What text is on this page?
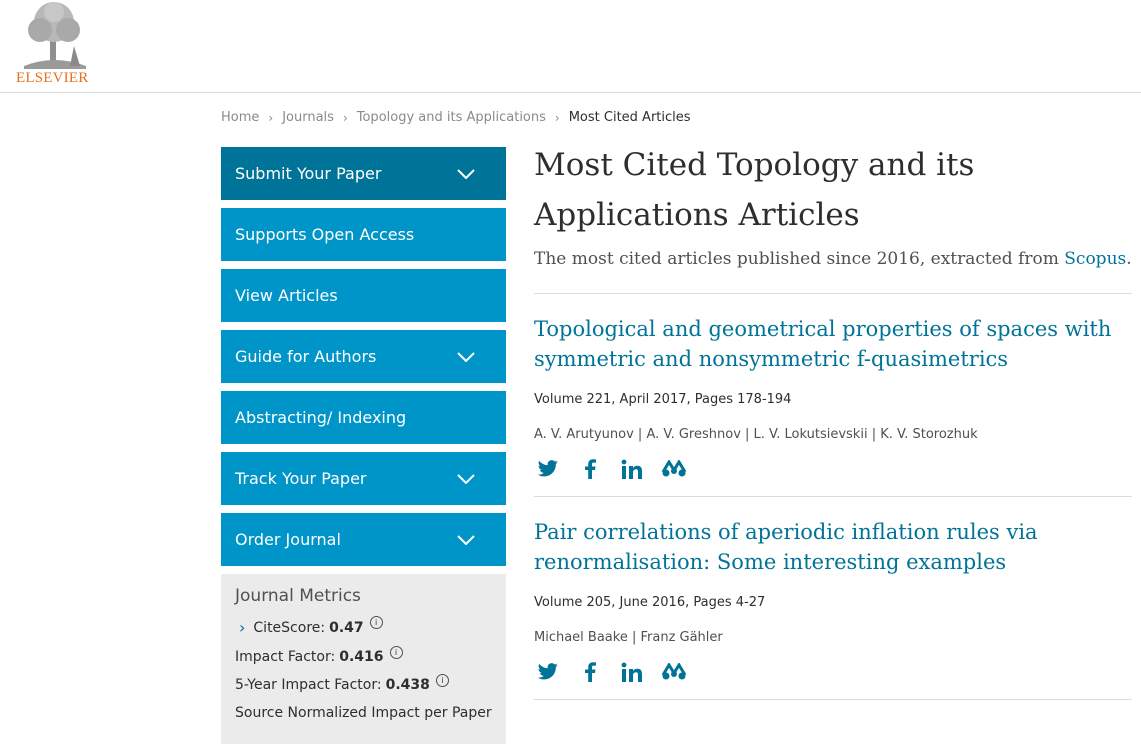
ELSEVIER
Home › Journals › Topology and its Applications › Most Cited Articles
Submit Your Paper
Supports Open Access
View Articles
Guide for Authors
Abstracting/ Indexing
Track Your Paper
Order Journal
Journal Metrics
› CiteScore: 0.47	i
Impact Factor: 0.416	i
5-Year Impact Factor: 0.438	i
Source Normalized Impact per Paper
Most Cited Topology and its Applications Articles
The most cited articles published since 2016, extracted from Scopus.
Topological and geometrical properties of spaces with symmetric and nonsymmetric f-quasimetrics
Volume 221, April 2017, Pages 178-194
A. V. Arutyunov | A. V. Greshnov | L. V. Lokutsievskii | K. V. Storozhuk
Pair correlations of aperiodic inflation rules via renormalisation: Some interesting examples
Volume 205, June 2016, Pages 4-27
Michael Baake | Franz Gähler
